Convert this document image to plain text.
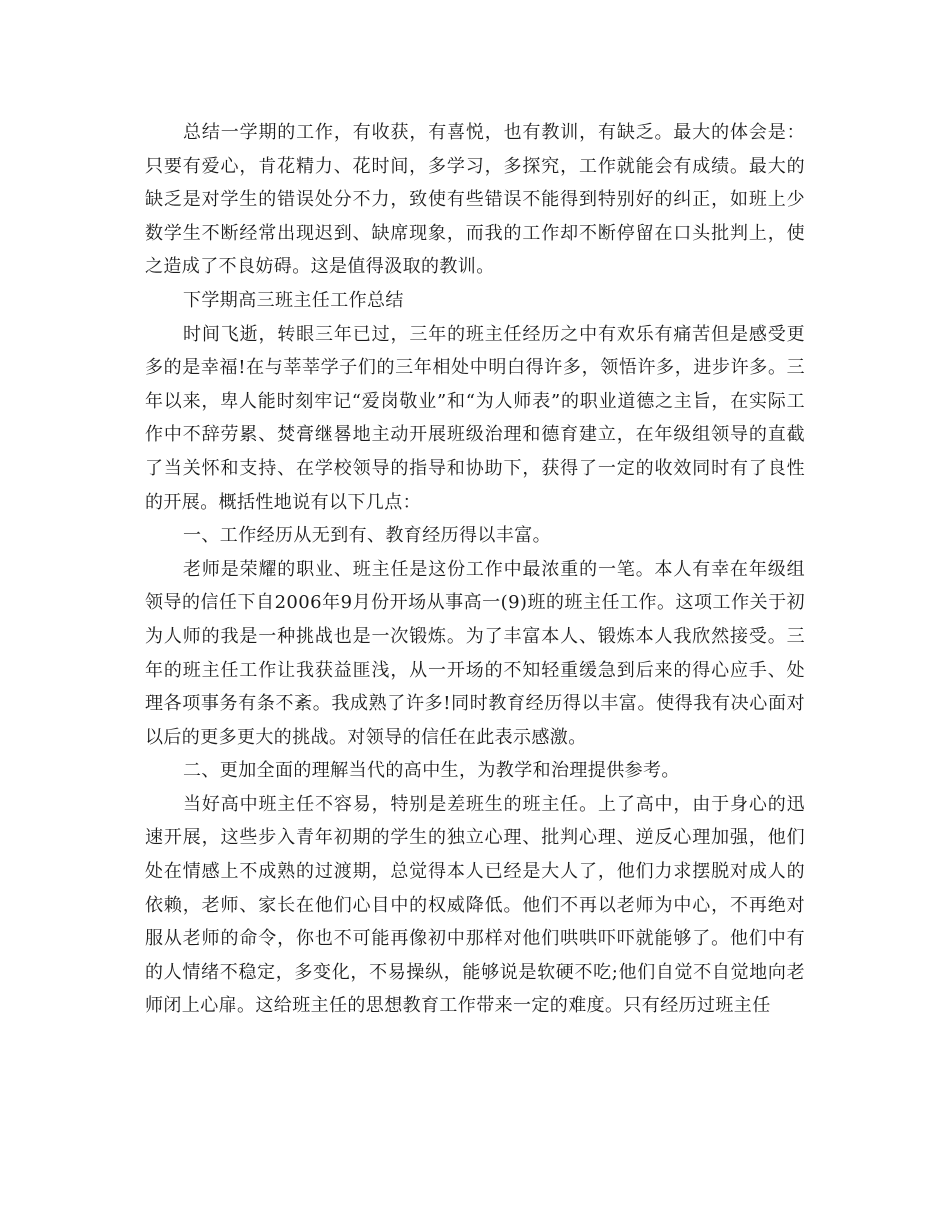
总结一学期的工作，有收获，有喜悦，也有教训，有缺乏。最大的体会是：只要有爱心，肯花精力、花时间，多学习，多探究，工作就能会有成绩。最大的缺乏是对学生的错误处分不力，致使有些错误不能得到特别好的纠正，如班上少数学生不断经常出现迟到、缺席现象，而我的工作却不断停留在口头批判上，使之造成了不良妨碍。这是值得汲取的教训。

下学期高三班主任工作总结

时间飞逝，转眼三年已过，三年的班主任经历之中有欢乐有痛苦但是感受更多的是幸福!在与莘莘学子们的三年相处中明白得许多，领悟许多，进步许多。三年以来，卑人能时刻牢记“爱岗敬业”和“为人师表”的职业道德之主旨，在实际工作中不辞劳累、焚膏继晷地主动开展班级治理和德育建立，在年级组领导的直截了当关怀和支持、在学校领导的指导和协助下，获得了一定的收效同时有了良性的开展。概括性地说有以下几点：

一、工作经历从无到有、教育经历得以丰富。

老师是荣耀的职业、班主任是这份工作中最浓重的一笔。本人有幸在年级组领导的信任下自2006年9月份开场从事高一(9)班的班主任工作。这项工作关于初为人师的我是一种挑战也是一次锻炼。为了丰富本人、锻炼本人我欣然接受。三年的班主任工作让我获益匪浅，从一开场的不知轻重缓急到后来的得心应手、处理各项事务有条不紊。我成熟了许多!同时教育经历得以丰富。使得我有决心面对以后的更多更大的挑战。对领导的信任在此表示感激。

二、更加全面的理解当代的高中生，为教学和治理提供参考。

当好高中班主任不容易，特别是差班生的班主任。上了高中，由于身心的迅速开展，这些步入青年初期的学生的独立心理、批判心理、逆反心理加强，他们处在情感上不成熟的过渡期，总觉得本人已经是大人了，他们力求摆脱对成人的依赖，老师、家长在他们心目中的权威降低。他们不再以老师为中心，不再绝对服从老师的命令，你也不可能再像初中那样对他们哄哄吓吓就能够了。他们中有的人情绪不稳定，多变化，不易操纵，能够说是软硬不吃;他们自觉不自觉地向老师闭上心扉。这给班主任的思想教育工作带来一定的难度。只有经历过班主任
